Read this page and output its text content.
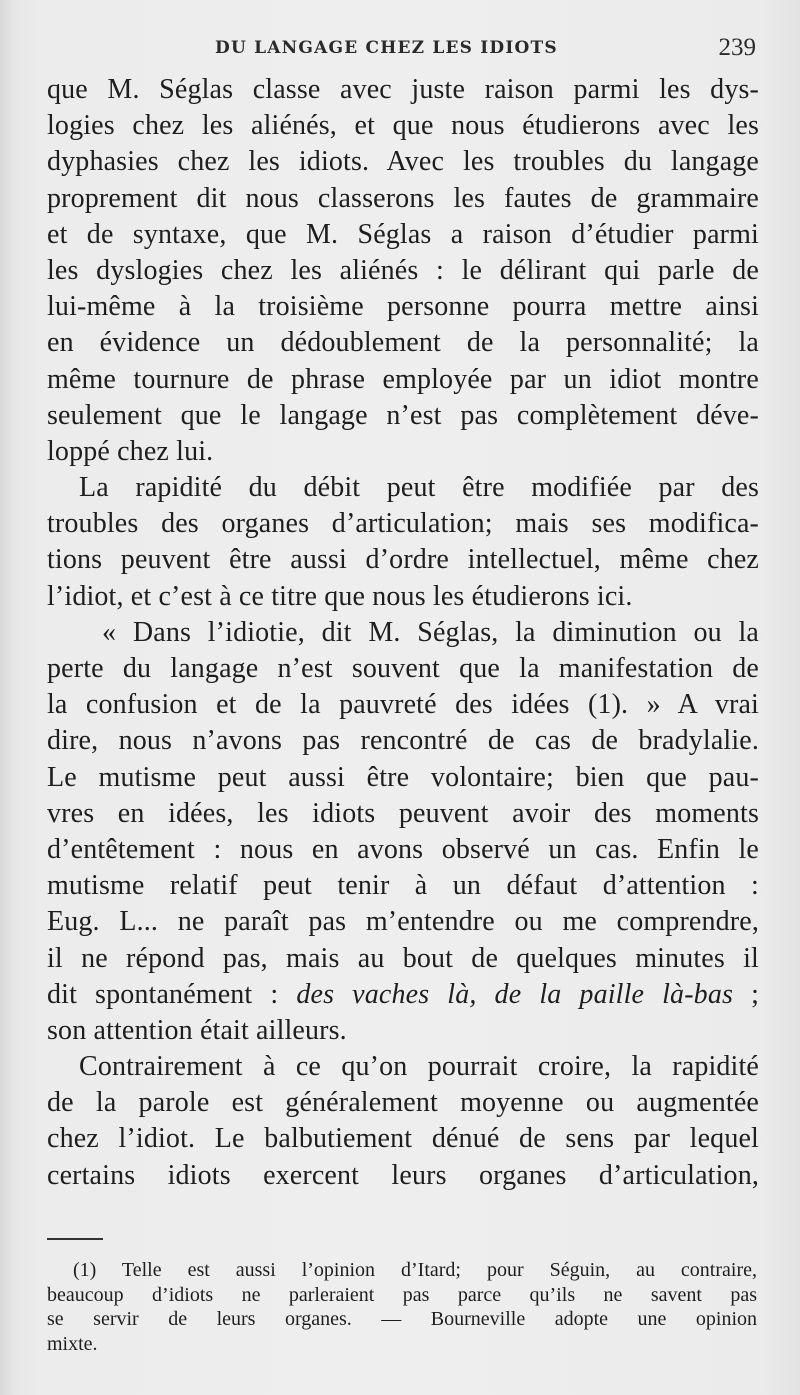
DU LANGAGE CHEZ LES IDIOTS	239
que M. Séglas classe avec juste raison parmi les dys-
logies chez les aliénés, et que nous étudierons avec les
dyphasies chez les idiots. Avec les troubles du langage
proprement dit nous classerons les fautes de grammaire
et de syntaxe, que M. Séglas a raison d’étudier parmi
les dyslogies chez les aliénés : le délirant qui parle de
lui-même à la troisième personne pourra mettre ainsi
en évidence un dédoublement de la personnalité; la
même tournure de phrase employée par un idiot montre
seulement que le langage n’est pas complètement déve-
loppé chez lui.
La rapidité du débit peut être modifiée par des
troubles des organes d’articulation; mais ses modifica-
tions peuvent être aussi d’ordre intellectuel, même chez
l’idiot, et c’est à ce titre que nous les étudierons ici.
« Dans l’idiotie, dit M. Séglas, la diminution ou la
perte du langage n’est souvent que la manifestation de
la confusion et de la pauvreté des idées (1). » A vrai
dire, nous n’avons pas rencontré de cas de bradylalie.
Le mutisme peut aussi être volontaire; bien que pau-
vres en idées, les idiots peuvent avoir des moments
d’entêtement : nous en avons observé un cas. Enfin le
mutisme relatif peut tenir à un défaut d’attention :
Eug. L... ne paraît pas m’entendre ou me comprendre,
il ne répond pas, mais au bout de quelques minutes il
dit spontanément : des vaches là, de la paille là-bas ;
son attention était ailleurs.
Contrairement à ce qu’on pourrait croire, la rapidité
de la parole est généralement moyenne ou augmentée
chez l’idiot. Le balbutiement dénué de sens par lequel
certains idiots exercent leurs organes d’articulation,
(1) Telle est aussi l’opinion d’Itard; pour Séguin, au contraire,
beaucoup d’idiots ne parleraient pas parce qu’ils ne savent pas
se servir de leurs organes. — Bourneville adopte une opinion
mixte.
